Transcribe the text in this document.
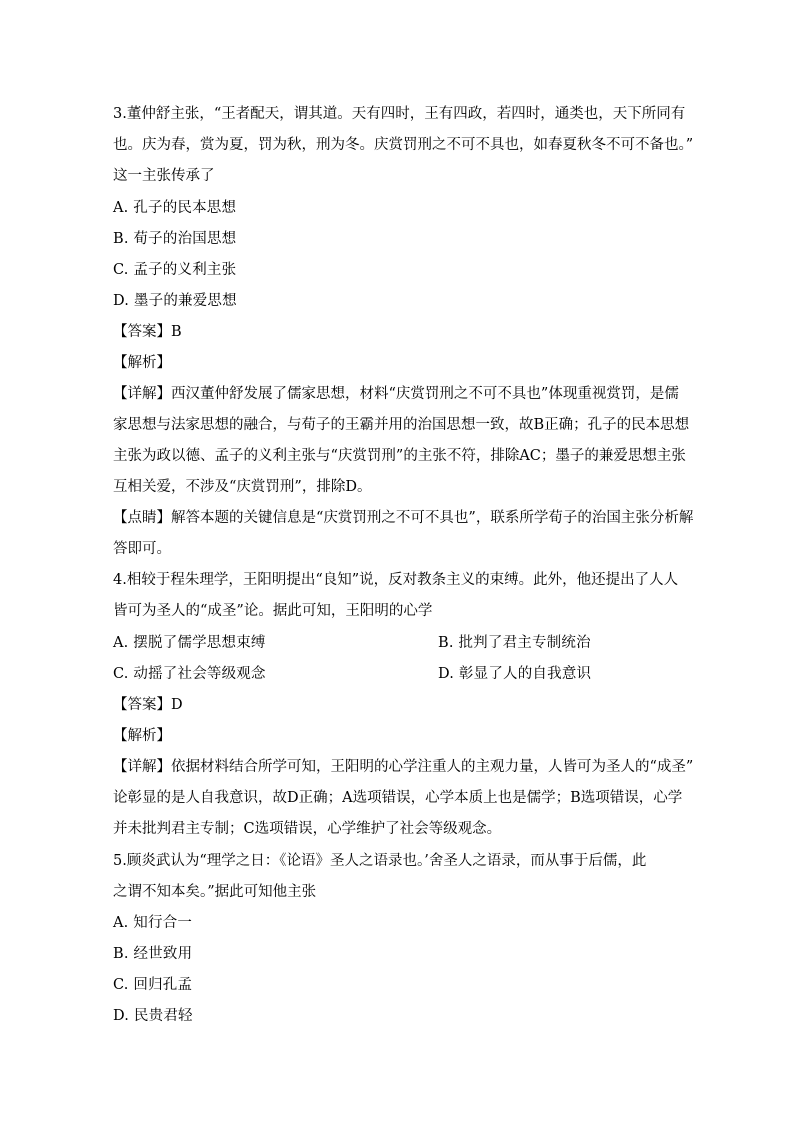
3.董仲舒主张，“王者配天，谓其道。天有四时，王有四政，若四时，通类也，天下所同有
也。庆为春，赏为夏，罚为秋，刑为冬。庆赏罚刑之不可不具也，如春夏秋冬不可不备也。”
这一主张传承了
A. 孔子的民本思想
B. 荀子的治国思想
C. 孟子的义利主张
D. 墨子的兼爱思想
【答案】B
【解析】
【详解】西汉董仲舒发展了儒家思想，材料“庆赏罚刑之不可不具也”体现重视赏罚，是儒
家思想与法家思想的融合，与荀子的王霸并用的治国思想一致，故B正确；孔子的民本思想
主张为政以德、孟子的义利主张与“庆赏罚刑”的主张不符，排除AC；墨子的兼爱思想主张
互相关爱，不涉及“庆赏罚刑”，排除D。
【点睛】解答本题的关键信息是“庆赏罚刑之不可不具也”，联系所学荀子的治国主张分析解
答即可。
4.相较于程朱理学，王阳明提出“良知”说，反对教条主义的束缚。此外，他还提出了人人
皆可为圣人的“成圣”论。据此可知，王阳明的心学
A. 摆脱了儒学思想束缚	B. 批判了君主专制统治
C. 动摇了社会等级观念	D. 彰显了人的自我意识
【答案】D
【解析】
【详解】依据材料结合所学可知，王阳明的心学注重人的主观力量，人皆可为圣人的“成圣”
论彰显的是人自我意识，故D正确；A选项错误，心学本质上也是儒学；B选项错误，心学
并未批判君主专制；C选项错误，心学维护了社会等级观念。
5.顾炎武认为“理学之日：《论语》圣人之语录也。’舍圣人之语录，而从事于后儒，此
之谓不知本矣。”据此可知他主张
A. 知行合一
B. 经世致用
C. 回归孔孟
D. 民贵君轻
